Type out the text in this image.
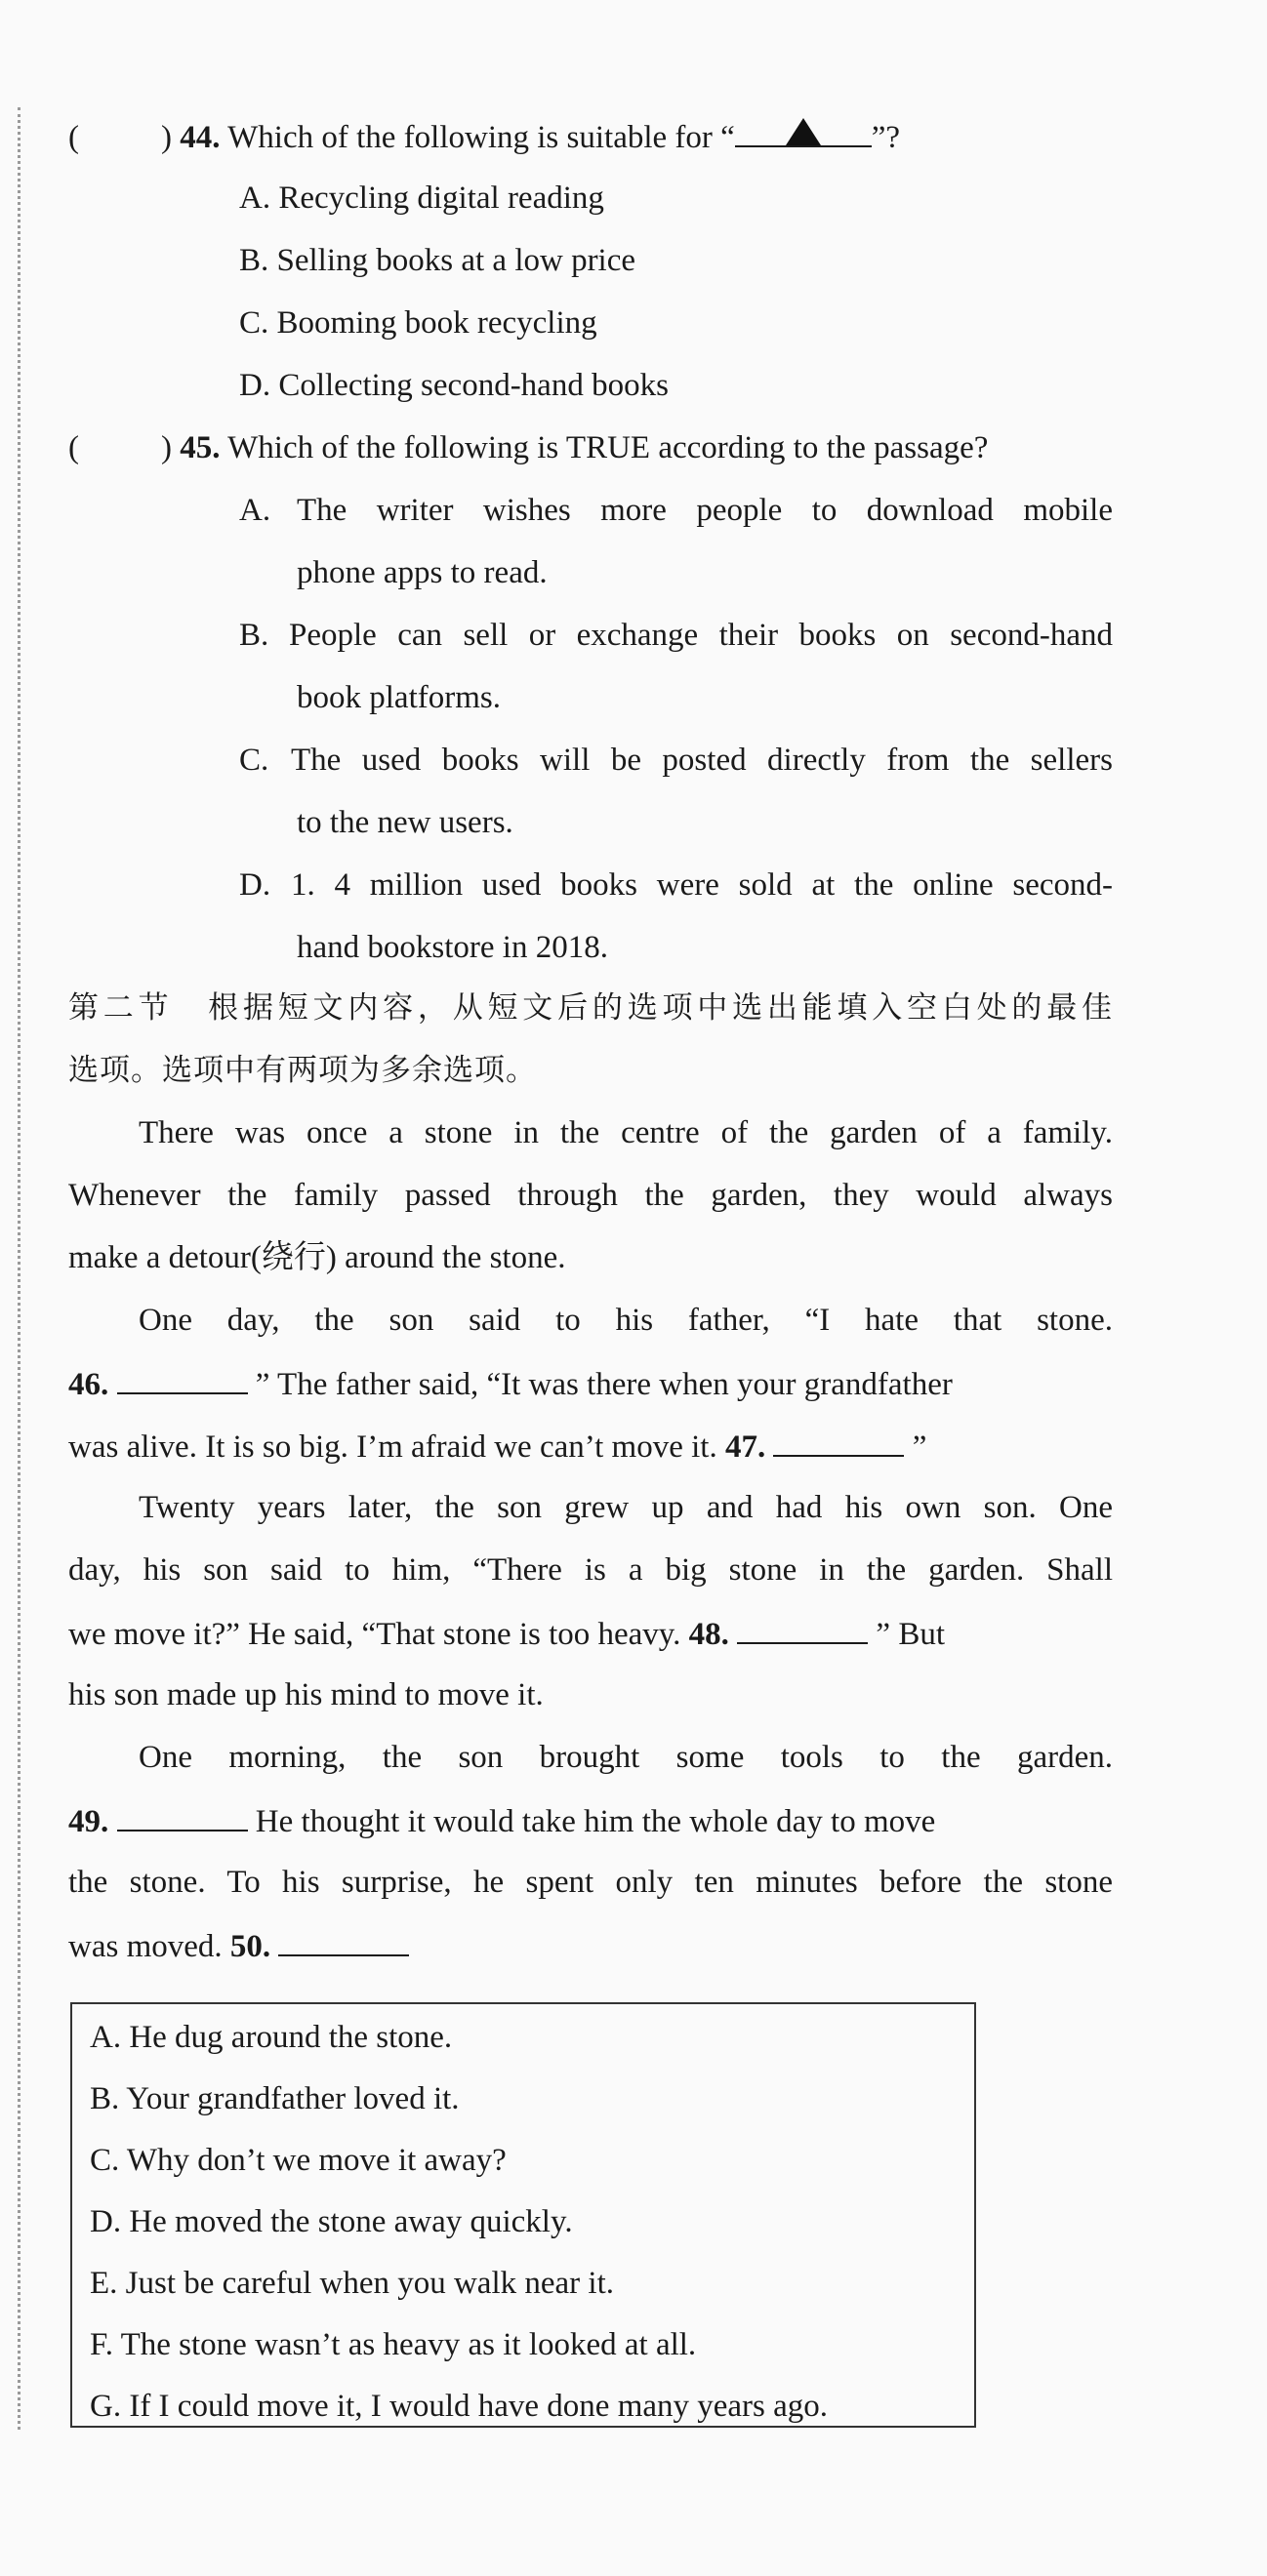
(	) 44. Which of the following is suitable for “	”?
A. Recycling digital reading
B. Selling books at a low price
C. Booming book recycling
D. Collecting second-hand books
(	) 45. Which of the following is TRUE according to the passage?
A. The writer wishes more people to download mobile
phone apps to read.
B. People can sell or exchange their books on second-hand
book platforms.
C. The used books will be posted directly from the sellers
to the new users.
D. 1. 4 million used books were sold at the online second-
hand bookstore in 2018.
第二节　根据短文内容，从短文后的选项中选出能填入空白处的最佳
选项。选项中有两项为多余选项。
There was once a stone in the centre of the garden of a family.
Whenever the family passed through the garden, they would always
make a detour(绕行) around the stone.
One day, the son said to his father, “I hate that stone.
46.	” The father said, “It was there when your grandfather
was alive. It is so big. I’m afraid we can’t move it. 47.	”
Twenty years later, the son grew up and had his own son. One
day, his son said to him, “There is a big stone in the garden. Shall
we move it?” He said, “That stone is too heavy. 48.	” But
his son made up his mind to move it.
One morning, the son brought some tools to the garden.
49.	He thought it would take him the whole day to move
the stone. To his surprise, he spent only ten minutes before the stone
was moved. 50.
A. He dug around the stone.
B. Your grandfather loved it.
C. Why don’t we move it away?
D. He moved the stone away quickly.
E. Just be careful when you walk near it.
F. The stone wasn’t as heavy as it looked at all.
G. If I could move it, I would have done many years ago.
